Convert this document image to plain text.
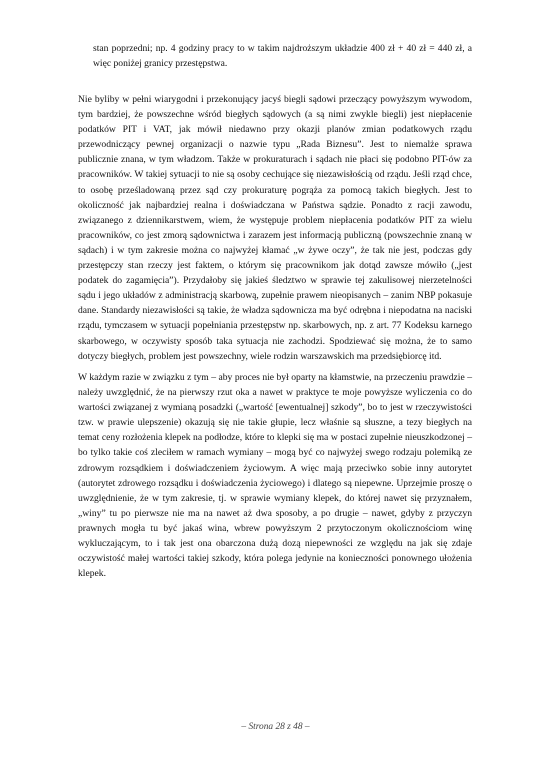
stan poprzedni; np. 4 godziny pracy to w takim najdroższym układzie 400 zł + 40 zł = 440 zł, a więc poniżej granicy przestępstwa.

Nie byliby w pełni wiarygodni i przekonujący jacyś biegli sądowi przeczący powyższym wywodom, tym bardziej, że powszechne wśród biegłych sądowych (a są nimi zwykle biegli) jest niepłacenie podatków PIT i VAT, jak mówił niedawno przy okazji planów zmian podatkowych rządu przewodniczący pewnej organizacji o nazwie typu „Rada Biznesu”. Jest to niemalże sprawa publicznie znana, w tym władzom. Także w prokuraturach i sądach nie płaci się podobno PIT-ów za pracowników. W takiej sytuacji to nie są osoby cechujące się niezawisłością od rządu. Jeśli rząd chce, to osobę prześladowaną przez sąd czy prokuraturę pogrąża za pomocą takich biegłych. Jest to okoliczność jak najbardziej realna i doświadczana w Państwa sądzie. Ponadto z racji zawodu, związanego z dziennikarstwem, wiem, że występuje problem niepłacenia podatków PIT za wielu pracowników, co jest zmorą sądownictwa i zarazem jest informacją publiczną (powszechnie znaną w sądach) i w tym zakresie można co najwyżej kłamać „w żywe oczy”, że tak nie jest, podczas gdy przestępczy stan rzeczy jest faktem, o którym się pracownikom jak dotąd zawsze mówiło („jest podatek do zagamięcia”). Przydałoby się jakieś śledztwo w sprawie tej zakulisowej nierzetelności sądu i jego układów z administracją skarbową, zupełnie prawem nieopisanych – zanim NBP pokasuje dane. Standardy niezawisłości są takie, że władza sądownicza ma być odrębna i niepodatna na naciski rządu, tymczasem w sytuacji popełniania przestępstw np. skarbowych, np. z art. 77 Kodeksu karnego skarbowego, w oczywisty sposób taka sytuacja nie zachodzi. Spodziewać się można, że to samo dotyczy biegłych, problem jest powszechny, wiele rodzin warszawskich ma przedsiębiorcę itd.

W każdym razie w związku z tym – aby proces nie był oparty na kłamstwie, na przeczeniu prawdzie – należy uwzględnić, że na pierwszy rzut oka a nawet w praktyce te moje powyższe wyliczenia co do wartości związanej z wymianą posadzki („wartość [ewentualnej] szkody”, bo to jest w rzeczywistości tzw. w prawie ulepszenie) okazują się nie takie głupie, lecz właśnie są słuszne, a tezy biegłych na temat ceny rozłożenia klepek na podłodze, które to klepki się ma w postaci zupełnie nieuszkodzonej – bo tylko takie coś zleciłem w ramach wymiany – mogą być co najwyżej swego rodzaju polemiką ze zdrowym rozsądkiem i doświadczeniem życiowym. A więc mają przeciwko sobie inny autorytet (autorytet zdrowego rozsądku i doświadczenia życiowego) i dlatego są niepewne. Uprzejmie proszę o uwzględnienie, że w tym zakresie, tj. w sprawie wymiany klepek, do której nawet się przyznałem, „winy” tu po pierwsze nie ma na nawet aż dwa sposoby, a po drugie – nawet, gdyby z przyczyn prawnych mogła tu być jakaś wina, wbrew powyższym 2 przytoczonym okolicznościom winę wykluczającym, to i tak jest ona obarczona dużą dozą niepewności ze względu na jak się zdaje oczywistość małej wartości takiej szkody, która polega jedynie na konieczności ponownego ułożenia klepek.

– Strona 28 z 48 –
